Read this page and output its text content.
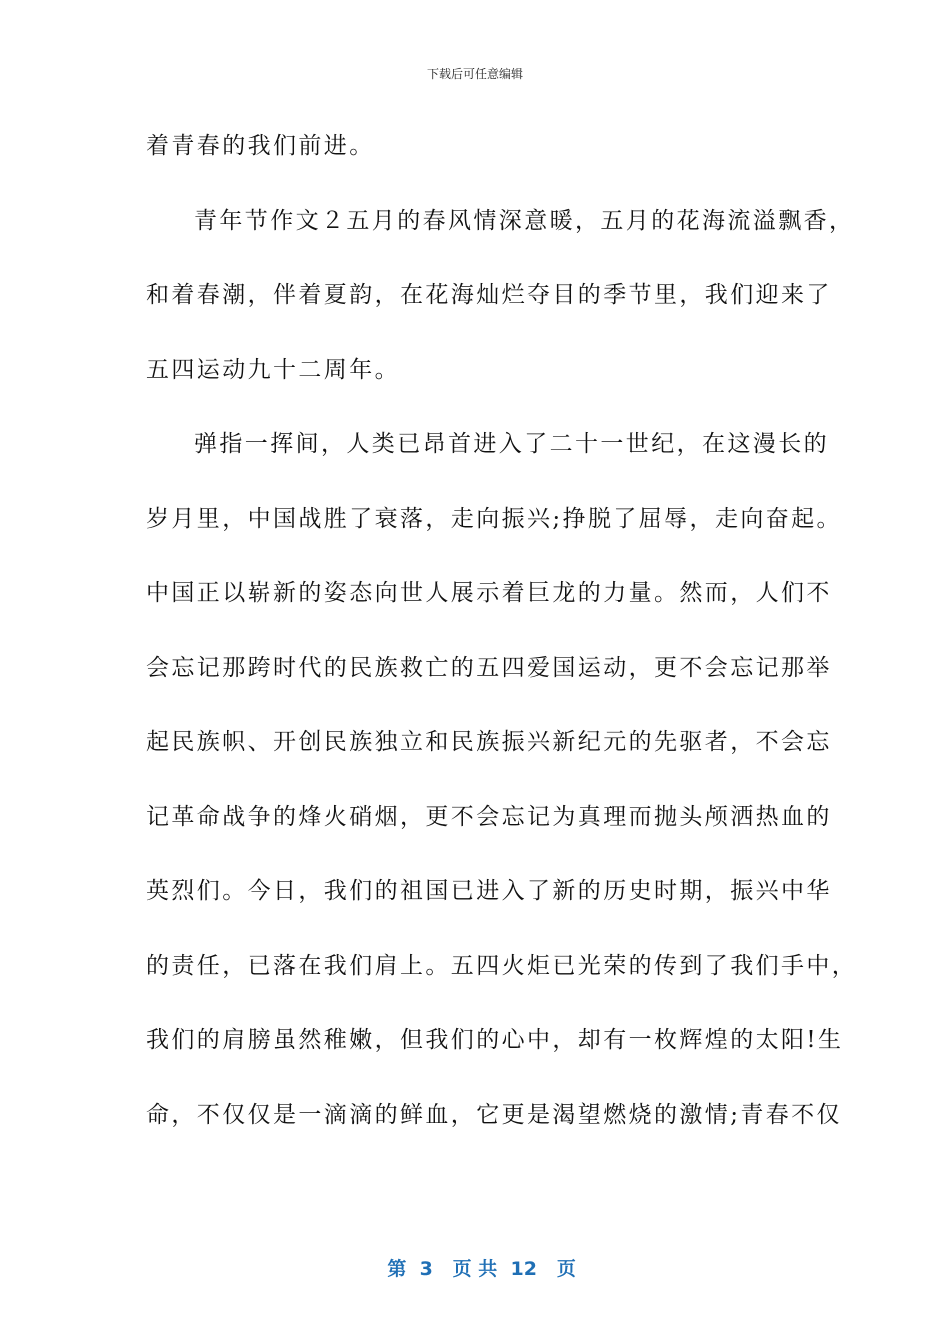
下载后可任意编辑
着青春的我们前进。
青年节作文２五月的春风情深意暖，五月的花海流溢飘香，
和着春潮，伴着夏韵，在花海灿烂夺目的季节里，我们迎来了
五四运动九十二周年。
弹指一挥间，人类已昂首进入了二十一世纪，在这漫长的
岁月里，中国战胜了衰落，走向振兴;挣脱了屈辱，走向奋起。
中国正以崭新的姿态向世人展示着巨龙的力量。然而，人们不
会忘记那跨时代的民族救亡的五四爱国运动，更不会忘记那举
起民族帜、开创民族独立和民族振兴新纪元的先驱者，不会忘
记革命战争的烽火硝烟，更不会忘记为真理而抛头颅洒热血的
英烈们。今日，我们的祖国已进入了新的历史时期，振兴中华
的责任，已落在我们肩上。五四火炬已光荣的传到了我们手中，
我们的肩膀虽然稚嫩，但我们的心中，却有一枚辉煌的太阳!生
命，不仅仅是一滴滴的鲜血，它更是渴望燃烧的激情;青春不仅

第  3   页 共  12   页
